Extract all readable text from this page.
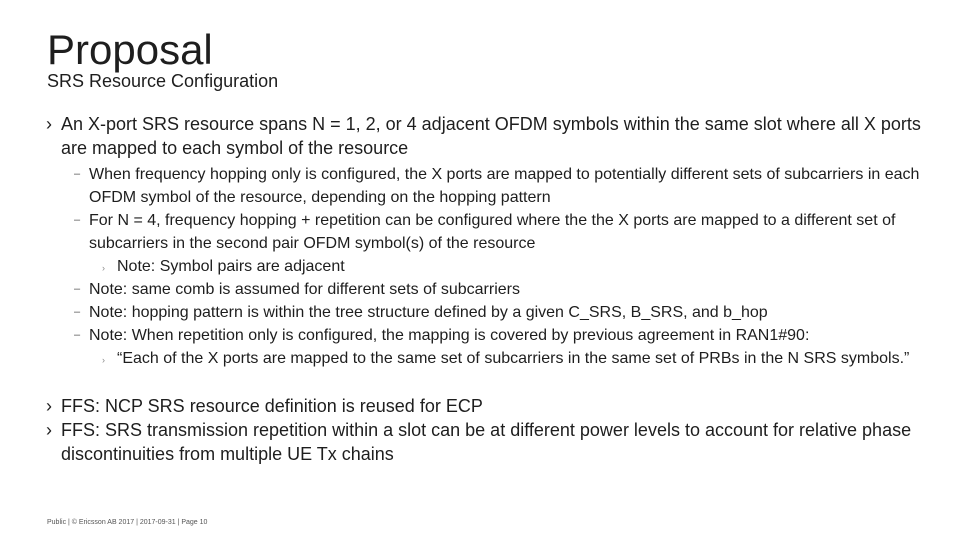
Proposal
SRS Resource Configuration
› An X-port SRS resource spans N = 1, 2, or 4 adjacent OFDM symbols within the same slot where all X ports are mapped to each symbol of the resource
– When frequency hopping only is configured, the X ports are mapped to potentially different sets of subcarriers in each OFDM symbol of the resource, depending on the hopping pattern
– For N = 4, frequency hopping + repetition can be configured where the the X ports are mapped to a different set of subcarriers in the second pair OFDM symbol(s) of the resource
› Note: Symbol pairs are adjacent
– Note: same comb is assumed for different sets of subcarriers
– Note: hopping pattern is within the tree structure defined by a given C_SRS, B_SRS, and b_hop
– Note: When repetition only is configured, the mapping is covered by previous agreement in RAN1#90:
› “Each of the X ports are mapped to the same set of subcarriers in the same set of PRBs in the N SRS symbols.”
› FFS: NCP SRS resource definition is reused for ECP
› FFS: SRS transmission repetition within a slot can be at different power levels to account for relative phase discontinuities from multiple UE Tx chains
Public | © Ericsson AB 2017 | 2017-09-31 | Page 10
